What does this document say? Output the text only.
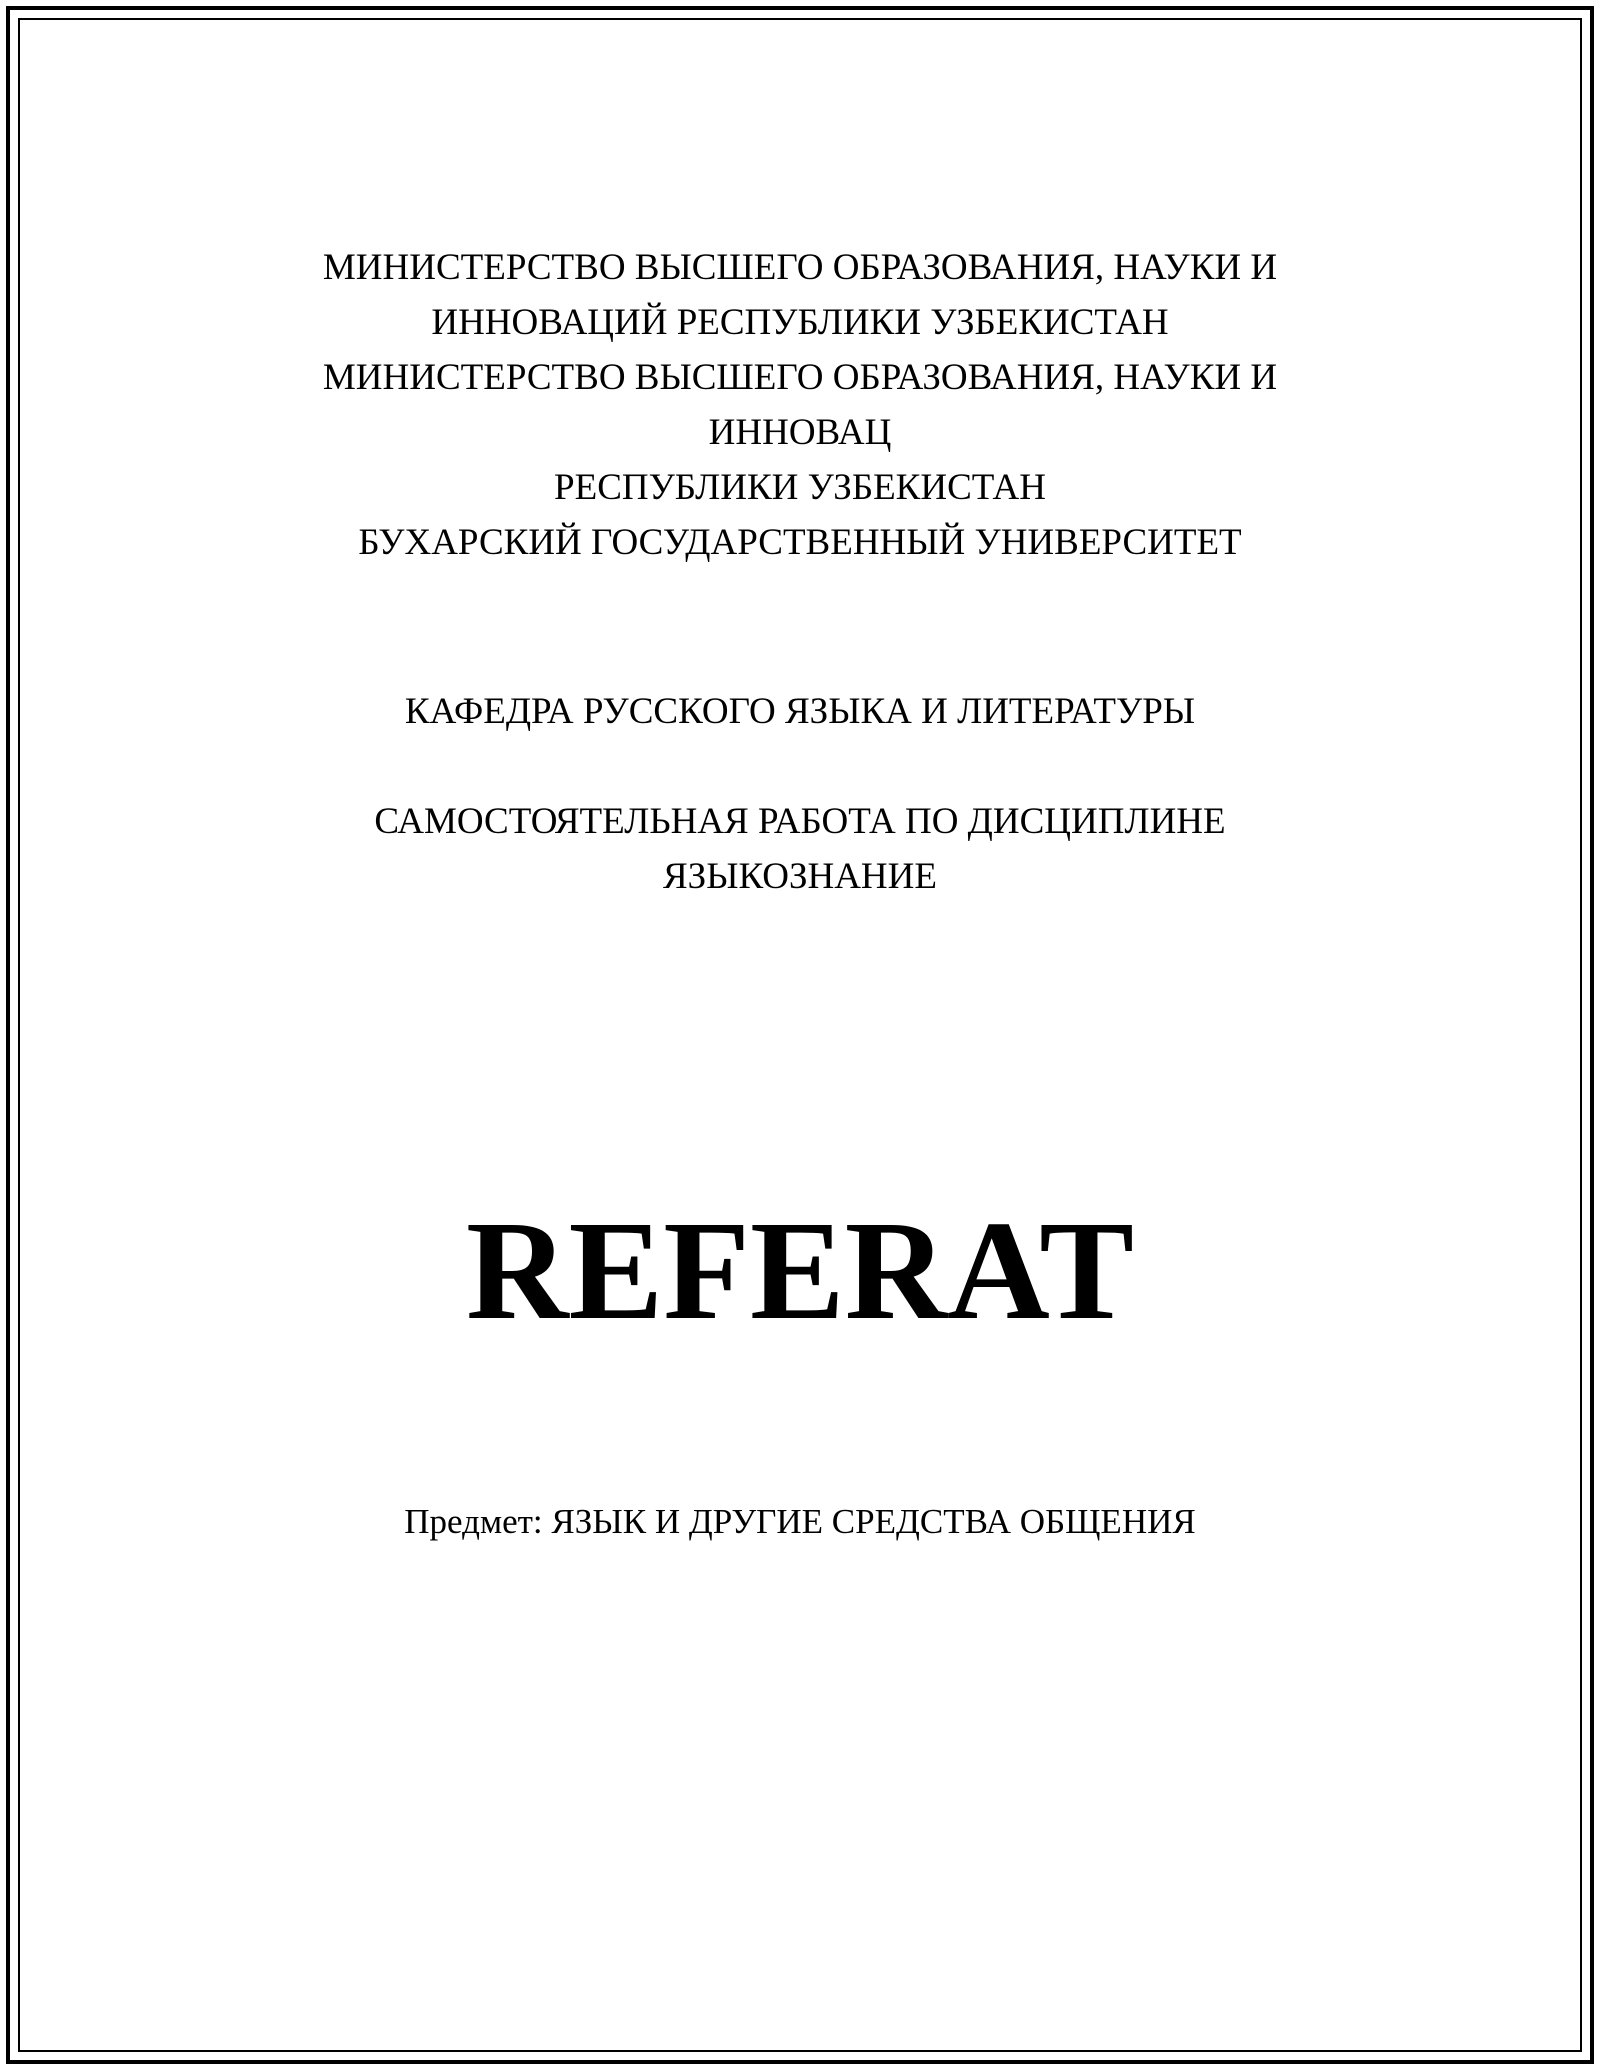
МИНИСТЕРСТВО ВЫСШЕГО ОБРАЗОВАНИЯ, НАУКИ И
ИННОВАЦИЙ РЕСПУБЛИКИ УЗБЕКИСТАН
МИНИСТЕРСТВО ВЫСШЕГО ОБРАЗОВАНИЯ, НАУКИ И
ИННОВАЦ
РЕСПУБЛИКИ УЗБЕКИСТАН
БУХАРСКИЙ ГОСУДАРСТВЕННЫЙ УНИВЕРСИТЕТ
КАФЕДРА РУССКОГО ЯЗЫКА И ЛИТЕРАТУРЫ
САМОСТОЯТЕЛЬНАЯ РАБОТА ПО ДИСЦИПЛИНЕ
ЯЗЫКОЗНАНИЕ
REFERAT
Предмет: ЯЗЫК И ДРУГИЕ СРЕДСТВА ОБЩЕНИЯ
